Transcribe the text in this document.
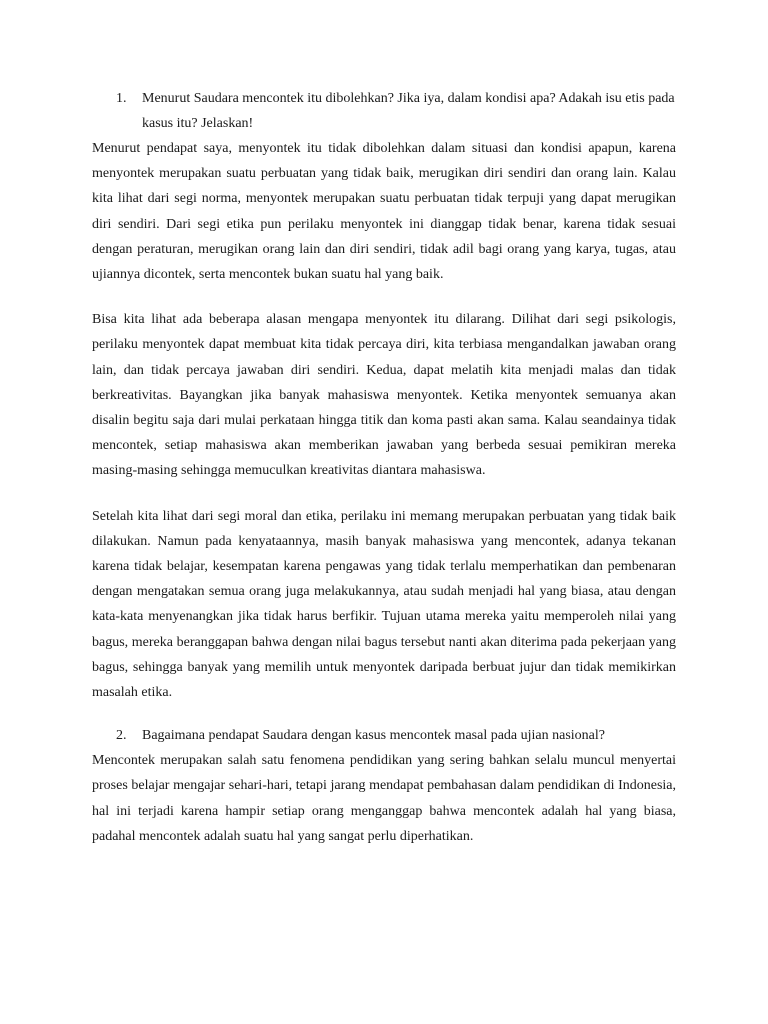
1. Menurut Saudara mencontek itu dibolehkan? Jika iya, dalam kondisi apa? Adakah isu etis pada kasus itu? Jelaskan!

Menurut pendapat saya, menyontek itu tidak dibolehkan dalam situasi dan kondisi apapun, karena menyontek merupakan suatu perbuatan yang tidak baik, merugikan diri sendiri dan orang lain. Kalau kita lihat dari segi norma, menyontek merupakan suatu perbuatan tidak terpuji yang dapat merugikan diri sendiri. Dari segi etika pun perilaku menyontek ini dianggap tidak benar, karena tidak sesuai dengan peraturan, merugikan orang lain dan diri sendiri, tidak adil bagi orang yang karya, tugas, atau ujiannya dicontek, serta mencontek bukan suatu hal yang baik.

Bisa kita lihat ada beberapa alasan mengapa menyontek itu dilarang. Dilihat dari segi psikologis, perilaku menyontek dapat membuat kita tidak percaya diri, kita terbiasa mengandalkan jawaban orang lain, dan tidak percaya jawaban diri sendiri. Kedua, dapat melatih kita menjadi malas dan tidak berkreativitas. Bayangkan jika banyak mahasiswa menyontek. Ketika menyontek semuanya akan disalin begitu saja dari mulai perkataan hingga titik dan koma pasti akan sama. Kalau seandainya tidak mencontek, setiap mahasiswa akan memberikan jawaban yang berbeda sesuai pemikiran mereka masing-masing sehingga memuculkan kreativitas diantara mahasiswa.

Setelah kita lihat dari segi moral dan etika, perilaku ini memang merupakan perbuatan yang tidak baik dilakukan. Namun pada kenyataannya, masih banyak mahasiswa yang mencontek, adanya tekanan karena tidak belajar, kesempatan karena pengawas yang tidak terlalu memperhatikan dan pembenaran dengan mengatakan semua orang juga melakukannya, atau sudah menjadi hal yang biasa, atau dengan kata-kata menyenangkan jika tidak harus berfikir. Tujuan utama mereka yaitu memperoleh nilai yang bagus, mereka beranggapan bahwa dengan nilai bagus tersebut nanti akan diterima pada pekerjaan yang bagus, sehingga banyak yang memilih untuk menyontek daripada berbuat jujur dan tidak memikirkan masalah etika.

2. Bagaimana pendapat Saudara dengan kasus mencontek masal pada ujian nasional?

Mencontek merupakan salah satu fenomena pendidikan yang sering bahkan selalu muncul menyertai proses belajar mengajar sehari-hari, tetapi jarang mendapat pembahasan dalam pendidikan di Indonesia, hal ini terjadi karena hampir setiap orang menganggap bahwa mencontek adalah hal yang biasa, padahal mencontek adalah suatu hal yang sangat perlu diperhatikan.
